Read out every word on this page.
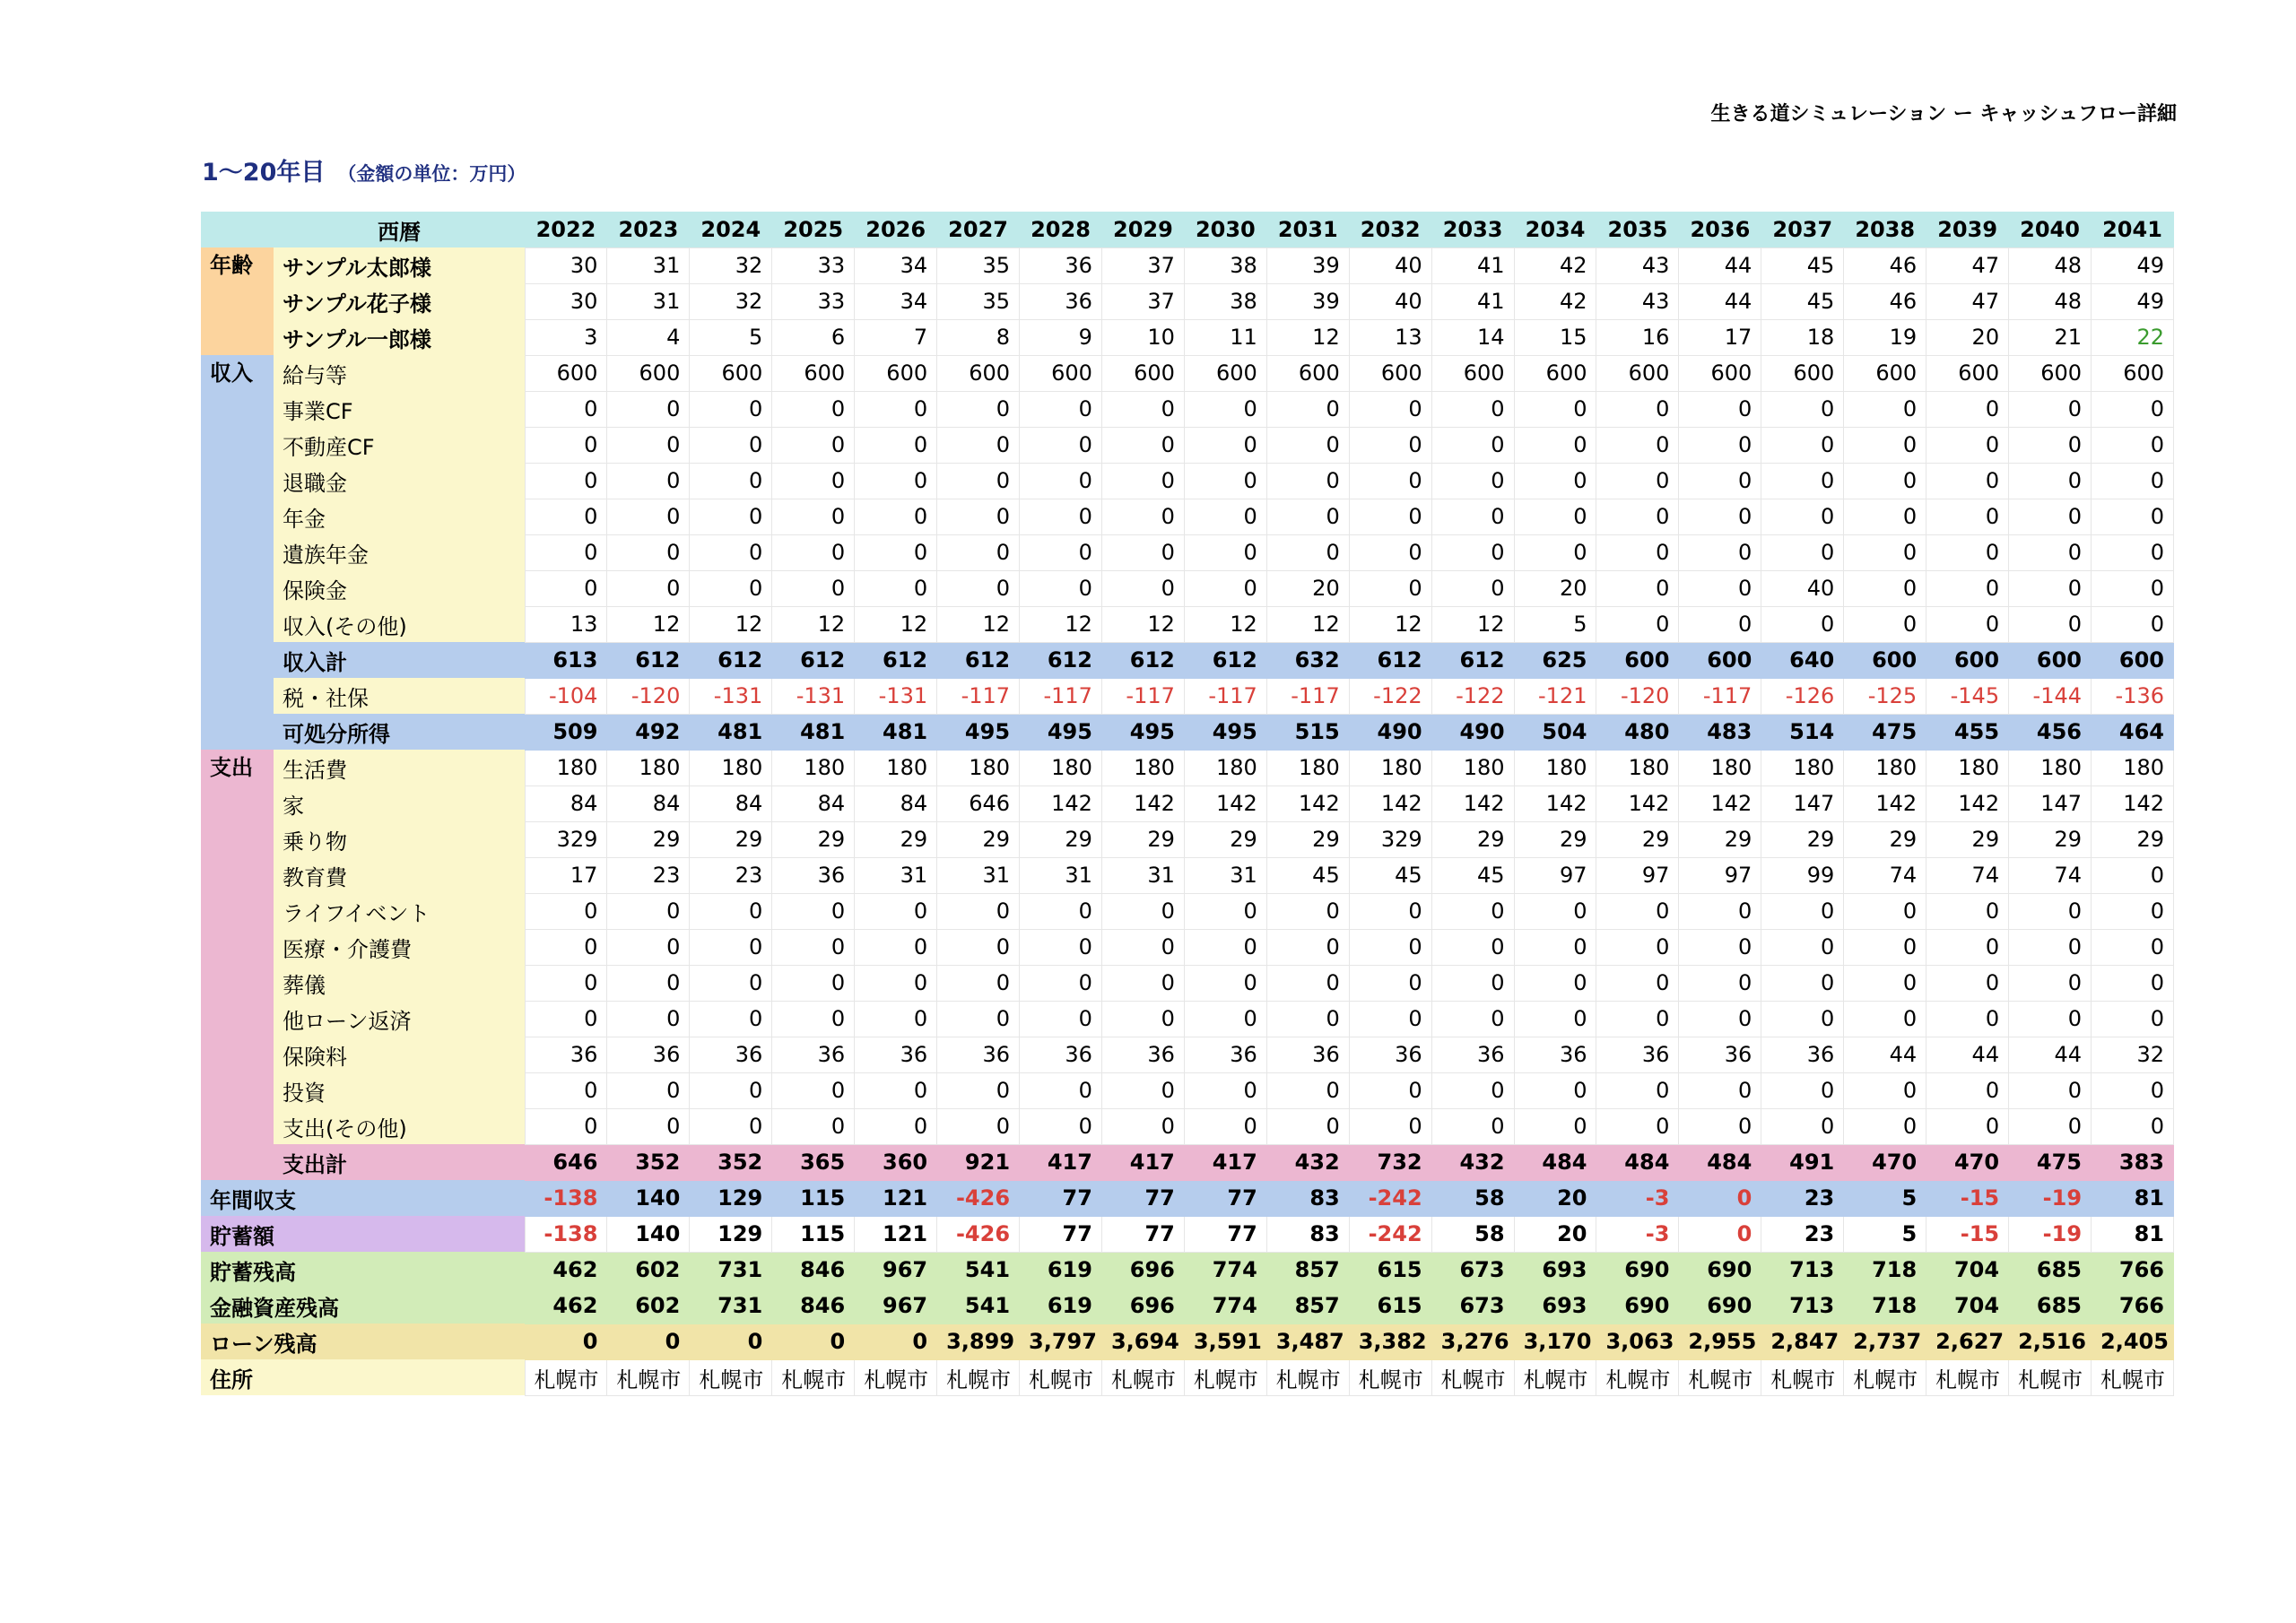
生きる道シミュレーション ー キャッシュフロー詳細
1〜20年目 （金額の単位：万円）
	西暦	2022	2023	2024	2025	2026	2027	2028	2029	2030	2031	2032	2033	2034	2035	2036	2037	2038	2039	2040	2041
年齢	サンプル太郎様	30	31	32	33	34	35	36	37	38	39	40	41	42	43	44	45	46	47	48	49
	サンプル花子様	30	31	32	33	34	35	36	37	38	39	40	41	42	43	44	45	46	47	48	49
	サンプル一郎様	3	4	5	6	7	8	9	10	11	12	13	14	15	16	17	18	19	20	21	22
収入	給与等	600	600	600	600	600	600	600	600	600	600	600	600	600	600	600	600	600	600	600	600
	事業CF	0	0	0	0	0	0	0	0	0	0	0	0	0	0	0	0	0	0	0	0
	不動産CF	0	0	0	0	0	0	0	0	0	0	0	0	0	0	0	0	0	0	0	0
	退職金	0	0	0	0	0	0	0	0	0	0	0	0	0	0	0	0	0	0	0	0
	年金	0	0	0	0	0	0	0	0	0	0	0	0	0	0	0	0	0	0	0	0
	遺族年金	0	0	0	0	0	0	0	0	0	0	0	0	0	0	0	0	0	0	0	0
	保険金	0	0	0	0	0	0	0	0	0	20	0	0	20	0	0	40	0	0	0	0
	収入(その他)	13	12	12	12	12	12	12	12	12	12	12	12	5	0	0	0	0	0	0	0
	収入計	613	612	612	612	612	612	612	612	612	632	612	612	625	600	600	640	600	600	600	600
	税・社保	-104	-120	-131	-131	-131	-117	-117	-117	-117	-117	-122	-122	-121	-120	-117	-126	-125	-145	-144	-136
	可処分所得	509	492	481	481	481	495	495	495	495	515	490	490	504	480	483	514	475	455	456	464
支出	生活費	180	180	180	180	180	180	180	180	180	180	180	180	180	180	180	180	180	180	180	180
	家	84	84	84	84	84	646	142	142	142	142	142	142	142	142	142	147	142	142	147	142
	乗り物	329	29	29	29	29	29	29	29	29	29	329	29	29	29	29	29	29	29	29	29
	教育費	17	23	23	36	31	31	31	31	31	45	45	45	97	97	97	99	74	74	74	0
	ライフイベント	0	0	0	0	0	0	0	0	0	0	0	0	0	0	0	0	0	0	0	0
	医療・介護費	0	0	0	0	0	0	0	0	0	0	0	0	0	0	0	0	0	0	0	0
	葬儀	0	0	0	0	0	0	0	0	0	0	0	0	0	0	0	0	0	0	0	0
	他ローン返済	0	0	0	0	0	0	0	0	0	0	0	0	0	0	0	0	0	0	0	0
	保険料	36	36	36	36	36	36	36	36	36	36	36	36	36	36	36	36	44	44	44	32
	投資	0	0	0	0	0	0	0	0	0	0	0	0	0	0	0	0	0	0	0	0
	支出(その他)	0	0	0	0	0	0	0	0	0	0	0	0	0	0	0	0	0	0	0	0
	支出計	646	352	352	365	360	921	417	417	417	432	732	432	484	484	484	491	470	470	475	383
年間収支		-138	140	129	115	121	-426	77	77	77	83	-242	58	20	-3	0	23	5	-15	-19	81
貯蓄額		-138	140	129	115	121	-426	77	77	77	83	-242	58	20	-3	0	23	5	-15	-19	81
貯蓄残高		462	602	731	846	967	541	619	696	774	857	615	673	693	690	690	713	718	704	685	766
金融資産残高		462	602	731	846	967	541	619	696	774	857	615	673	693	690	690	713	718	704	685	766
ローン残高		0	0	0	0	0	3,899	3,797	3,694	3,591	3,487	3,382	3,276	3,170	3,063	2,955	2,847	2,737	2,627	2,516	2,405
住所		札幌市	札幌市	札幌市	札幌市	札幌市	札幌市	札幌市	札幌市	札幌市	札幌市	札幌市	札幌市	札幌市	札幌市	札幌市	札幌市	札幌市	札幌市	札幌市	札幌市
